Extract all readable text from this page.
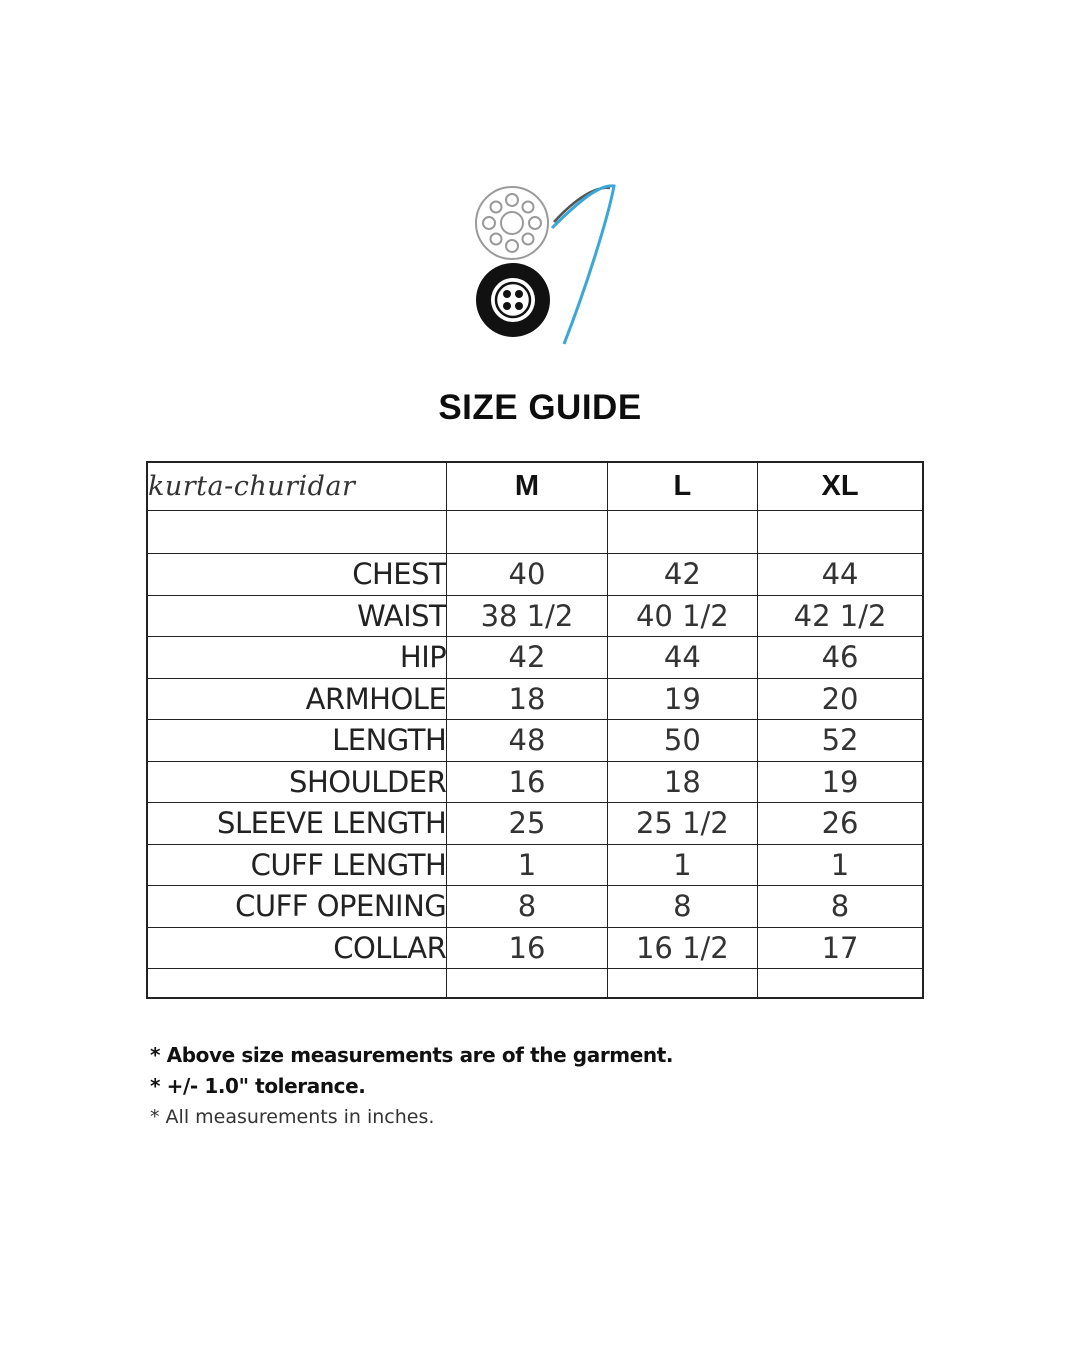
SIZE GUIDE
kurta-churidar	M	L	XL

CHEST	40	42	44
WAIST	38 1/2	40 1/2	42 1/2
HIP	42	44	46
ARMHOLE	18	19	20
LENGTH	48	50	52
SHOULDER	16	18	19
SLEEVE LENGTH	25	25 1/2	26
CUFF LENGTH	1	1	1
CUFF OPENING	8	8	8
COLLAR	16	16 1/2	17

* Above size measurements are of the garment.
* +/- 1.0" tolerance.
* All measurements in inches.
